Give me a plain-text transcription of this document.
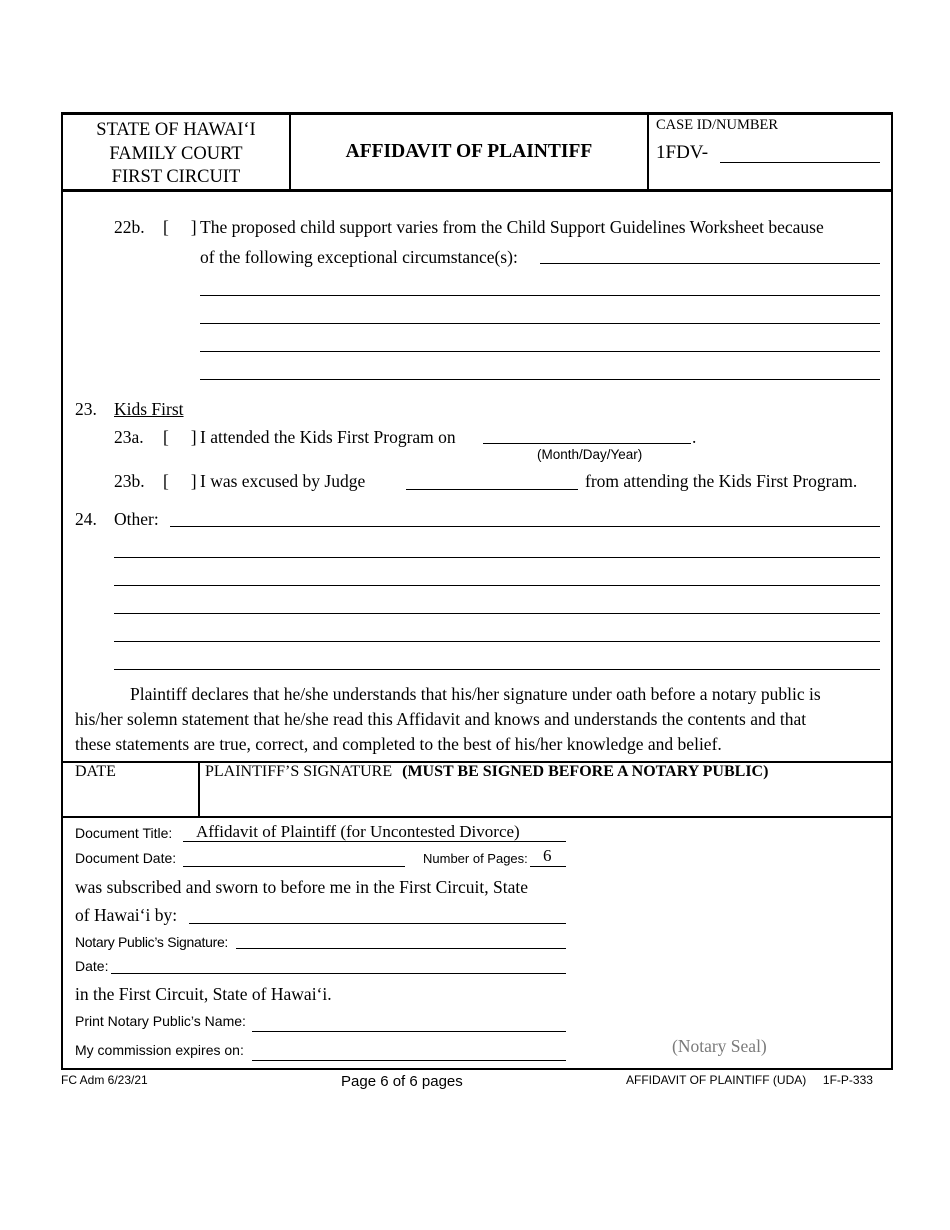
STATE OF HAWAI‘I
FAMILY COURT
FIRST CIRCUIT
AFFIDAVIT OF PLAINTIFF
CASE ID/NUMBER
1FDV-
22b. [     ] The proposed child support varies from the Child Support Guidelines Worksheet because
of the following exceptional circumstance(s):
23. Kids First
23a. [     ] I attended the Kids First Program on	.
(Month/Day/Year)
23b. [     ] I was excused by Judge	from attending the Kids First Program.
24. Other:
Plaintiff declares that he/she understands that his/her signature under oath before a notary public is
his/her solemn statement that he/she read this Affidavit and knows and understands the contents and that
these statements are true, correct, and completed to the best of his/her knowledge and belief.
DATE	PLAINTIFF’S SIGNATURE (MUST BE SIGNED BEFORE A NOTARY PUBLIC)
Document Title: Affidavit of Plaintiff (for Uncontested Divorce)
Document Date:	Number of Pages: 6
was subscribed and sworn to before me in the First Circuit, State
of Hawai‘i by:
Notary Public’s Signature:
Date:
in the First Circuit, State of Hawai‘i.
Print Notary Public’s Name:
My commission expires on:	(Notary Seal)
FC Adm 6/23/21	Page 6 of 6 pages	AFFIDAVIT OF PLAINTIFF (UDA)     1F-P-333
